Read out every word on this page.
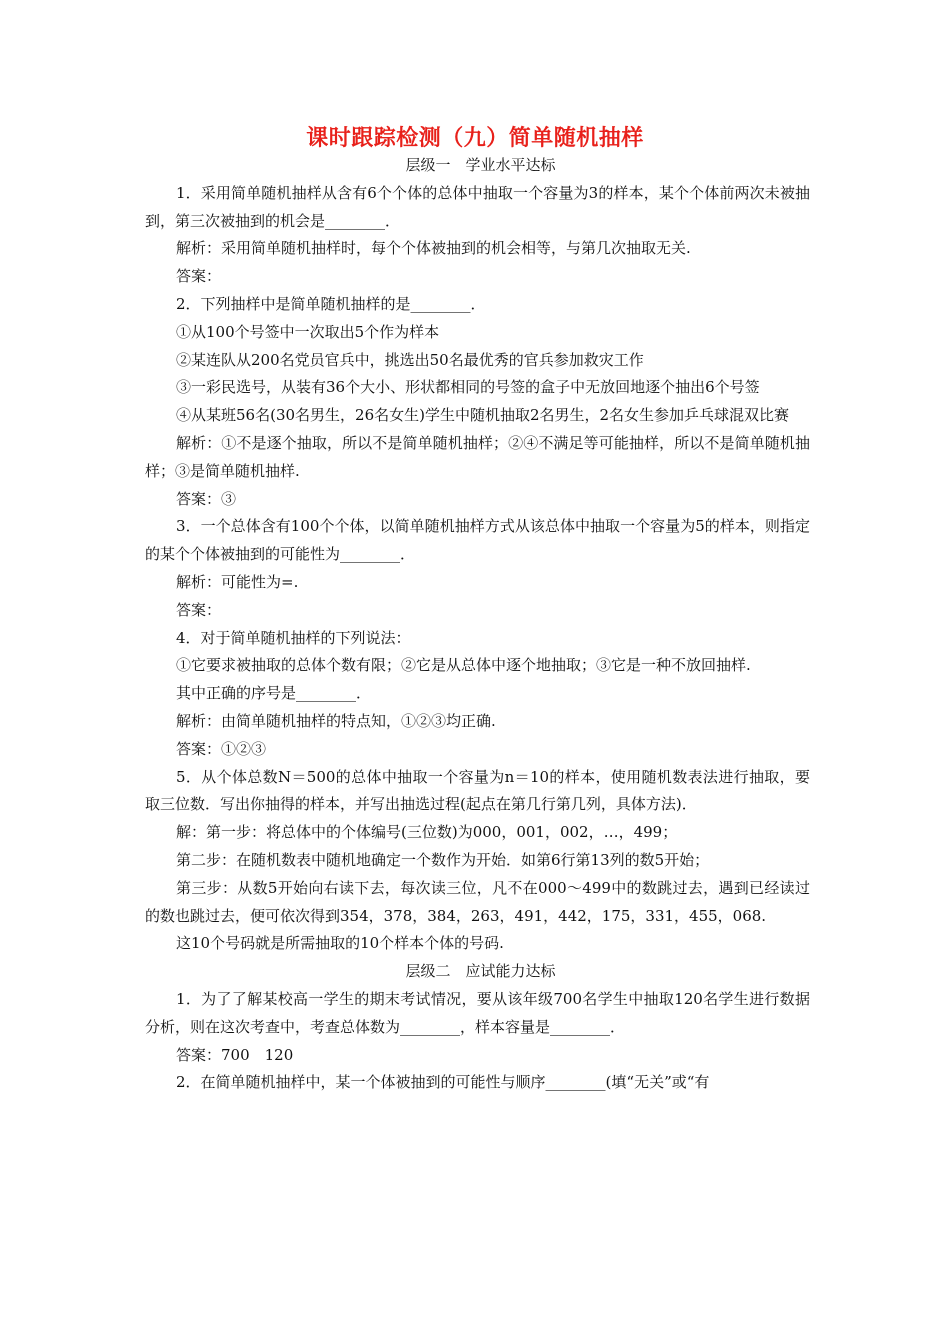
课时跟踪检测（九）简单随机抽样

层级一　学业水平达标

1．采用简单随机抽样从含有6个个体的总体中抽取一个容量为3的样本，某个个体前两次未被抽到，第三次被抽到的机会是________．

解析：采用简单随机抽样时，每个个体被抽到的机会相等，与第几次抽取无关.

答案：

2．下列抽样中是简单随机抽样的是________．

①从100个号签中一次取出5个作为样本

②某连队从200名党员官兵中，挑选出50名最优秀的官兵参加救灾工作

③一彩民选号，从装有36个大小、形状都相同的号签的盒子中无放回地逐个抽出6个号签

④从某班56名(30名男生，26名女生)学生中随机抽取2名男生，2名女生参加乒乓球混双比赛

解析：①不是逐个抽取，所以不是简单随机抽样；②④不满足等可能抽样，所以不是简单随机抽样；③是简单随机抽样.

答案：③

3．一个总体含有100个个体，以简单随机抽样方式从该总体中抽取一个容量为5的样本，则指定的某个个体被抽到的可能性为________．

解析：可能性为=.

答案：

4．对于简单随机抽样的下列说法：

①它要求被抽取的总体个数有限；②它是从总体中逐个地抽取；③它是一种不放回抽样.

其中正确的序号是________．

解析：由简单随机抽样的特点知，①②③均正确.

答案：①②③

5．从个体总数N＝500的总体中抽取一个容量为n＝10的样本，使用随机数表法进行抽取，要取三位数．写出你抽得的样本，并写出抽选过程(起点在第几行第几列，具体方法)．

解：第一步：将总体中的个体编号(三位数)为000，001，002，…，499；

第二步：在随机数表中随机地确定一个数作为开始．如第6行第13列的数5开始；

第三步：从数5开始向右读下去，每次读三位，凡不在000～499中的数跳过去，遇到已经读过的数也跳过去，便可依次得到354，378，384，263，491，442，175，331，455，068.

这10个号码就是所需抽取的10个样本个体的号码.

层级二　应试能力达标

1．为了了解某校高一学生的期末考试情况，要从该年级700名学生中抽取120名学生进行数据分析，则在这次考查中，考查总体数为________，样本容量是________．

答案：700　120

2．在简单随机抽样中，某一个体被抽到的可能性与顺序________(填“无关”或“有
